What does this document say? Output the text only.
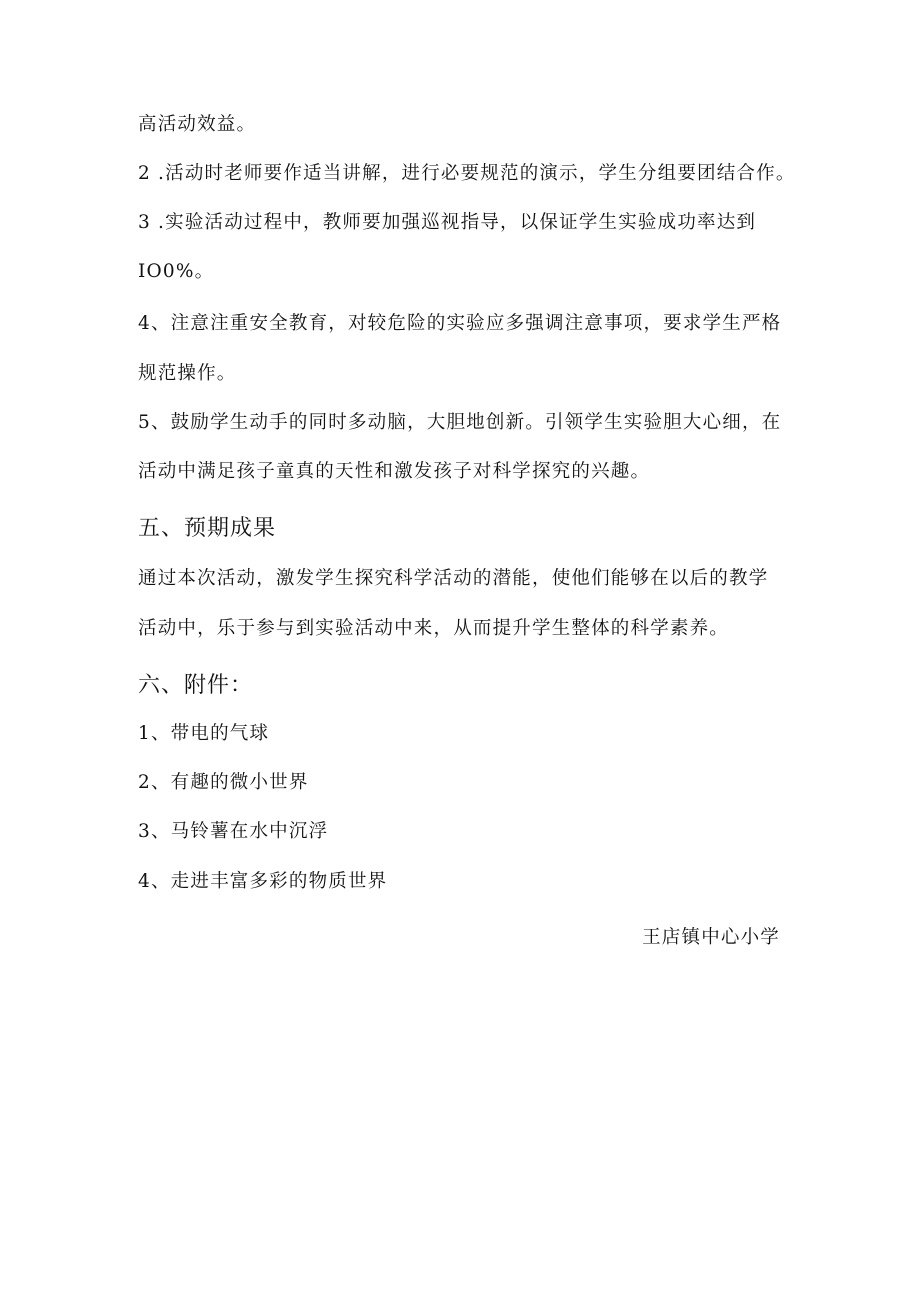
高活动效益。
2 .活动时老师要作适当讲解，进行必要规范的演示，学生分组要团结合作。
3 .实验活动过程中，教师要加强巡视指导，以保证学生实验成功率达到
IO0%。
4、注意注重安全教育，对较危险的实验应多强调注意事项，要求学生严格
规范操作。
5、鼓励学生动手的同时多动脑，大胆地创新。引领学生实验胆大心细，在
活动中满足孩子童真的天性和激发孩子对科学探究的兴趣。
五、预期成果
通过本次活动，激发学生探究科学活动的潜能，使他们能够在以后的教学
活动中，乐于参与到实验活动中来，从而提升学生整体的科学素养。
六、附件：
1、带电的气球
2、有趣的微小世界
3、马铃薯在水中沉浮
4、走进丰富多彩的物质世界
王店镇中心小学
